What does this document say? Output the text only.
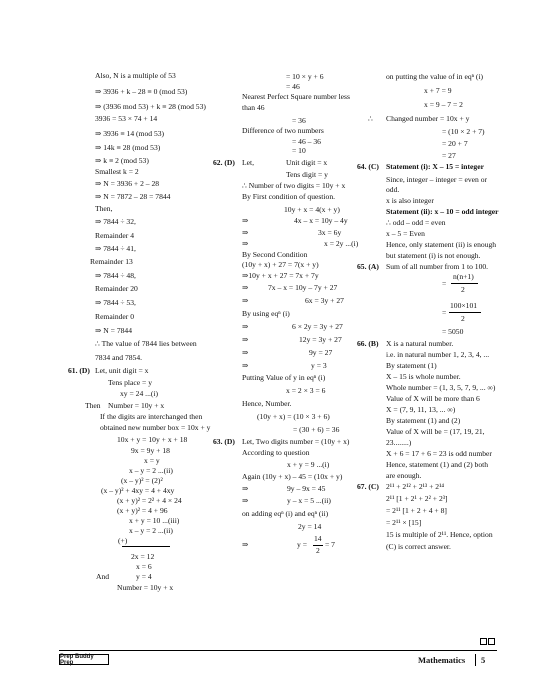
Also, N is a multiple of 53
⇒ 3936 + k – 28 ≡ 0 (mod 53)
⇒ (3936 mod 53) + k ≡ 28 (mod 53)
3936 = 53 × 74 + 14
⇒ 3936 ≡ 14 (mod 53)
⇒ 14k ≡ 28 (mod 53)
⇒ k ≡ 2 (mod 53)
Smallest k = 2
⇒ N = 3936 + 2 – 28
⇒ N = 7872 – 28 = 7844
Then,
⇒ 7844 ÷ 32,
Remainder 4
⇒ 7844 ÷ 41,
Remainder 13
⇒ 7844 ÷ 48,
Remainder 20
⇒ 7844 ÷ 53,
Remainder 0
⇒ N = 7844
∴ The value of 7844 lies between
7834 and 7854.
61. (D) Let, unit digit = x
Tens place = y
xy = 24 ...(i)
Then Number = 10y + x
If the digits are interchanged then
obtained new number box = 10x + y
10x + y = 10y + x + 18
9x = 9y + 18
x = y
x – y = 2 ...(ii)
(x – y)² = (2)²
(x – y)² + 4xy = 4 + 4xy
(x + y)² = 2² + 4 × 24
(x + y)² = 4 + 96
x + y = 10 ...(iii)
x – y = 2 ...(ii)
(+)
2x = 12
x = 6
And	y = 4
Number = 10y + x
= 10 × y + 6
= 46
Nearest Perfect Square number less
than 46
= 36
Difference of two numbers
= 46 – 36
= 10
62. (D) Let,	Unit digit = x
Tens digit = y
∴ Number of two digits = 10y + x
By First condition of question.
10y + x = 4(x + y)
⇒	4x – x = 10y – 4y
⇒	3x = 6y
⇒	x = 2y ...(i)
By Second Condition
(10y + x) + 27 = 7(x + y)
⇒10y + x + 27 = 7x + 7y
⇒	7x – x = 10y – 7y + 27
⇒	6x = 3y + 27
By using eqⁿ (i)
⇒	6 × 2y = 3y + 27
⇒	12y = 3y + 27
⇒	9y = 27
⇒	y = 3
Putting Value of y in eqⁿ (i)
x = 2 × 3 = 6
Hence, Number.
(10y + x) = (10 × 3 + 6)
= (30 + 6) = 36
63. (D) Let, Two digits number = (10y + x)
According to question
x + y = 9 ...(i)
Again (10y + x) – 45 = (10x + y)
⇒	9y – 9x = 45
⇒	y – x = 5 ...(ii)
on adding eqⁿ (i) and eqⁿ (ii)
2y = 14
⇒	y =
14
2
= 7
on putting the value of in eqⁿ (i)
x + 7 = 9
x = 9 – 7 = 2
∴ Changed number = 10x + y
= (10 × 2 + 7)
= 20 + 7
= 27
64. (C) Statement (i): X – 15 = integer
Since, integer – integer = even or
odd.
x is also integer
Statement (ii): x – 10 = odd integer
∴ odd – odd = even
x – 5 = Even
Hence, only statement (ii) is enough
but statement (i) is not enough.
65. (A) Sum of all number from 1 to 100.
n(n+1)
=
2
100×101
=
2
= 5050
66. (B) X is a natural number.
i.e. in natural number 1, 2, 3, 4, ...
By statement (1)
X – 15 is whole number.
Whole number = (1, 3, 5, 7, 9, ... ∞)
Value of X will be more than 6
X = (7, 9, 11, 13, ... ∞)
By statement (1) and (2)
Value of X will be = (17, 19, 21,
23........)
X + 6 = 17 + 6 = 23 is odd number
Hence, statement (1) and (2) both
are enough.
67. (C) 2¹¹ + 2¹² + 2¹³ + 2¹⁴
2¹¹ [1 + 2¹ + 2² + 2³]
= 2¹¹ [1 + 2 + 4 + 8]
= 2¹¹ × [15]
15 is multiple of 2¹¹. Hence, option
(C) is correct answer.
Prep Buddy Prep	Mathematics 5
